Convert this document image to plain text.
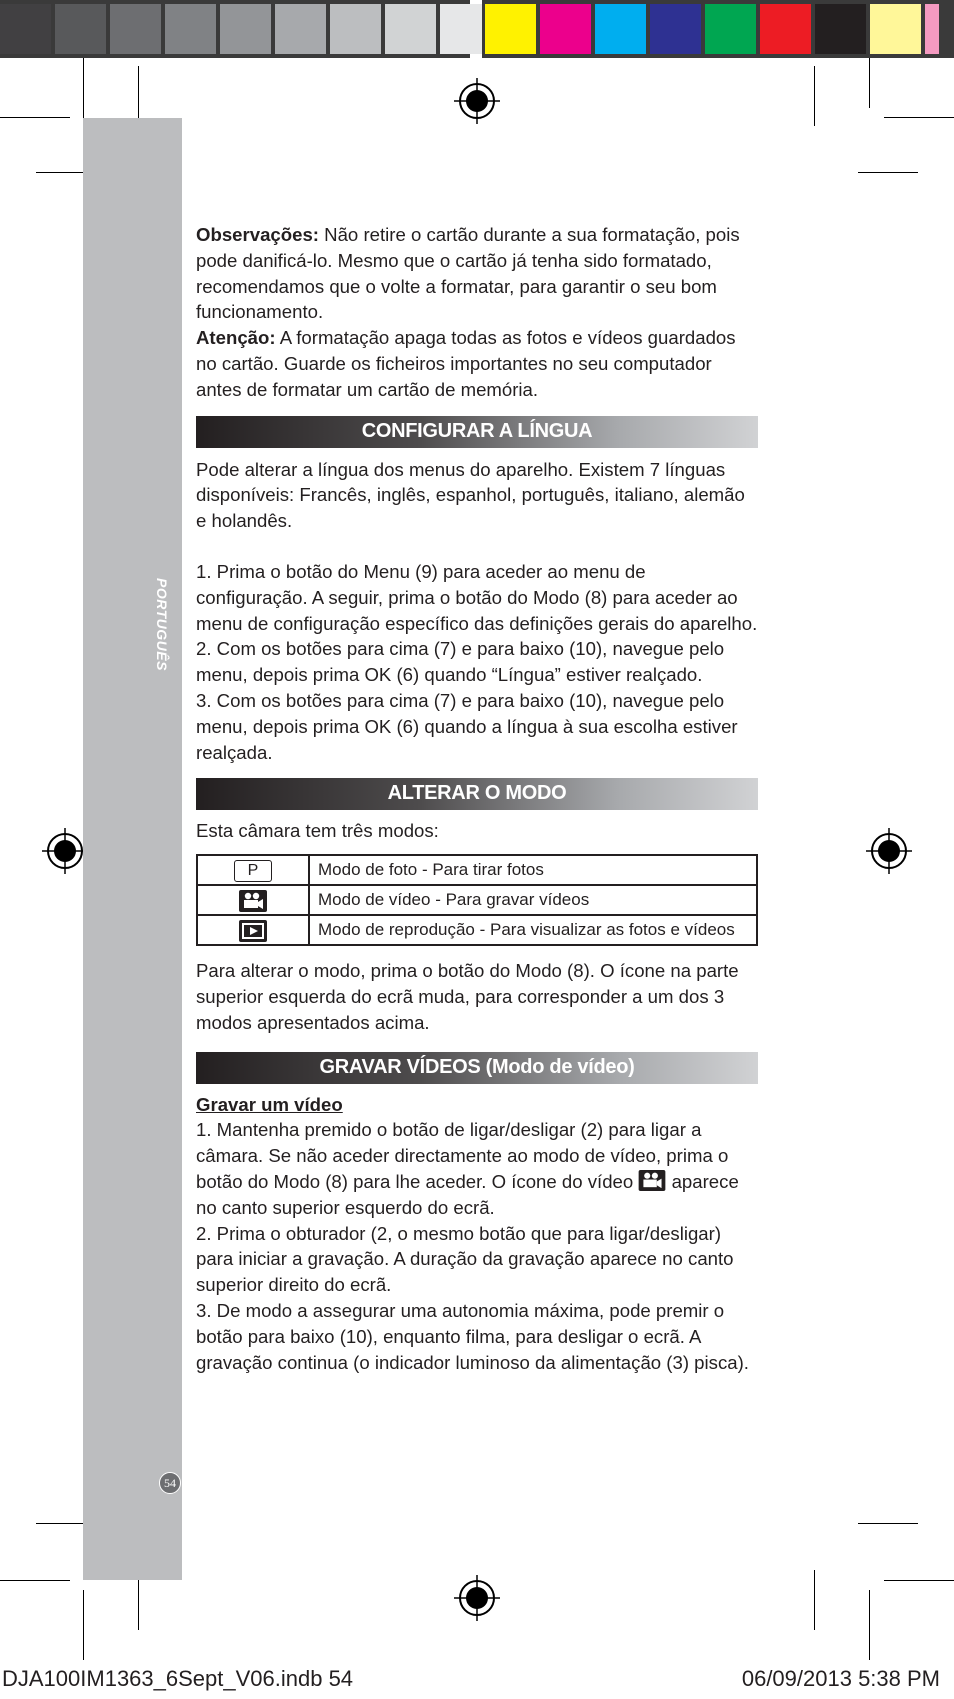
PORTUGUÊS
54

Observações: Não retire o cartão durante a sua formatação, pois pode danificá-lo. Mesmo que o cartão já tenha sido formatado, recomendamos que o volte a formatar, para garantir o seu bom funcionamento.

Atenção: A formatação apaga todas as fotos e vídeos guardados no cartão. Guarde os ficheiros importantes no seu computador antes de formatar um cartão de memória.

CONFIGURAR A LÍNGUA

Pode alterar a língua dos menus do aparelho. Existem 7 línguas disponíveis: Francês, inglês, espanhol, português, italiano, alemão e holandês.

1. Prima o botão do Menu (9) para aceder ao menu de configuração. A seguir, prima o botão do Modo (8) para aceder ao menu de configuração específico das definições gerais do aparelho.

2. Com os botões para cima (7) e para baixo (10), navegue pelo menu, depois prima OK (6) quando “Língua” estiver realçado.

3. Com os botões para cima (7) e para baixo (10), navegue pelo menu, depois prima OK (6) quando a língua à sua escolha estiver realçada.

ALTERAR O MODO

Esta câmara tem três modos:

P	Modo de foto - Para tirar fotos
	Modo de vídeo - Para gravar vídeos
	Modo de reprodução - Para visualizar as fotos e vídeos

Para alterar o modo, prima o botão do Modo (8). O ícone na parte superior esquerda do ecrã muda, para corresponder a um dos 3 modos apresentados acima.

GRAVAR VÍDEOS (Modo de vídeo)

Gravar um vídeo

1. Mantenha premido o botão de ligar/desligar (2) para ligar a câmara. Se não aceder directamente ao modo de vídeo, prima o botão do Modo (8) para lhe aceder. O ícone do vídeo  aparece no canto superior esquerdo do ecrã.

2. Prima o obturador (2, o mesmo botão que para ligar/desligar) para iniciar a gravação. A duração da gravação aparece no canto superior direito do ecrã.

3. De modo a assegurar uma autonomia máxima, pode premir o botão para baixo (10), enquanto filma, para desligar o ecrã. A gravação continua (o indicador luminoso da alimentação (3) pisca).

DJA100IM1363_6Sept_V06.indb 54	06/09/2013 5:38 PM
